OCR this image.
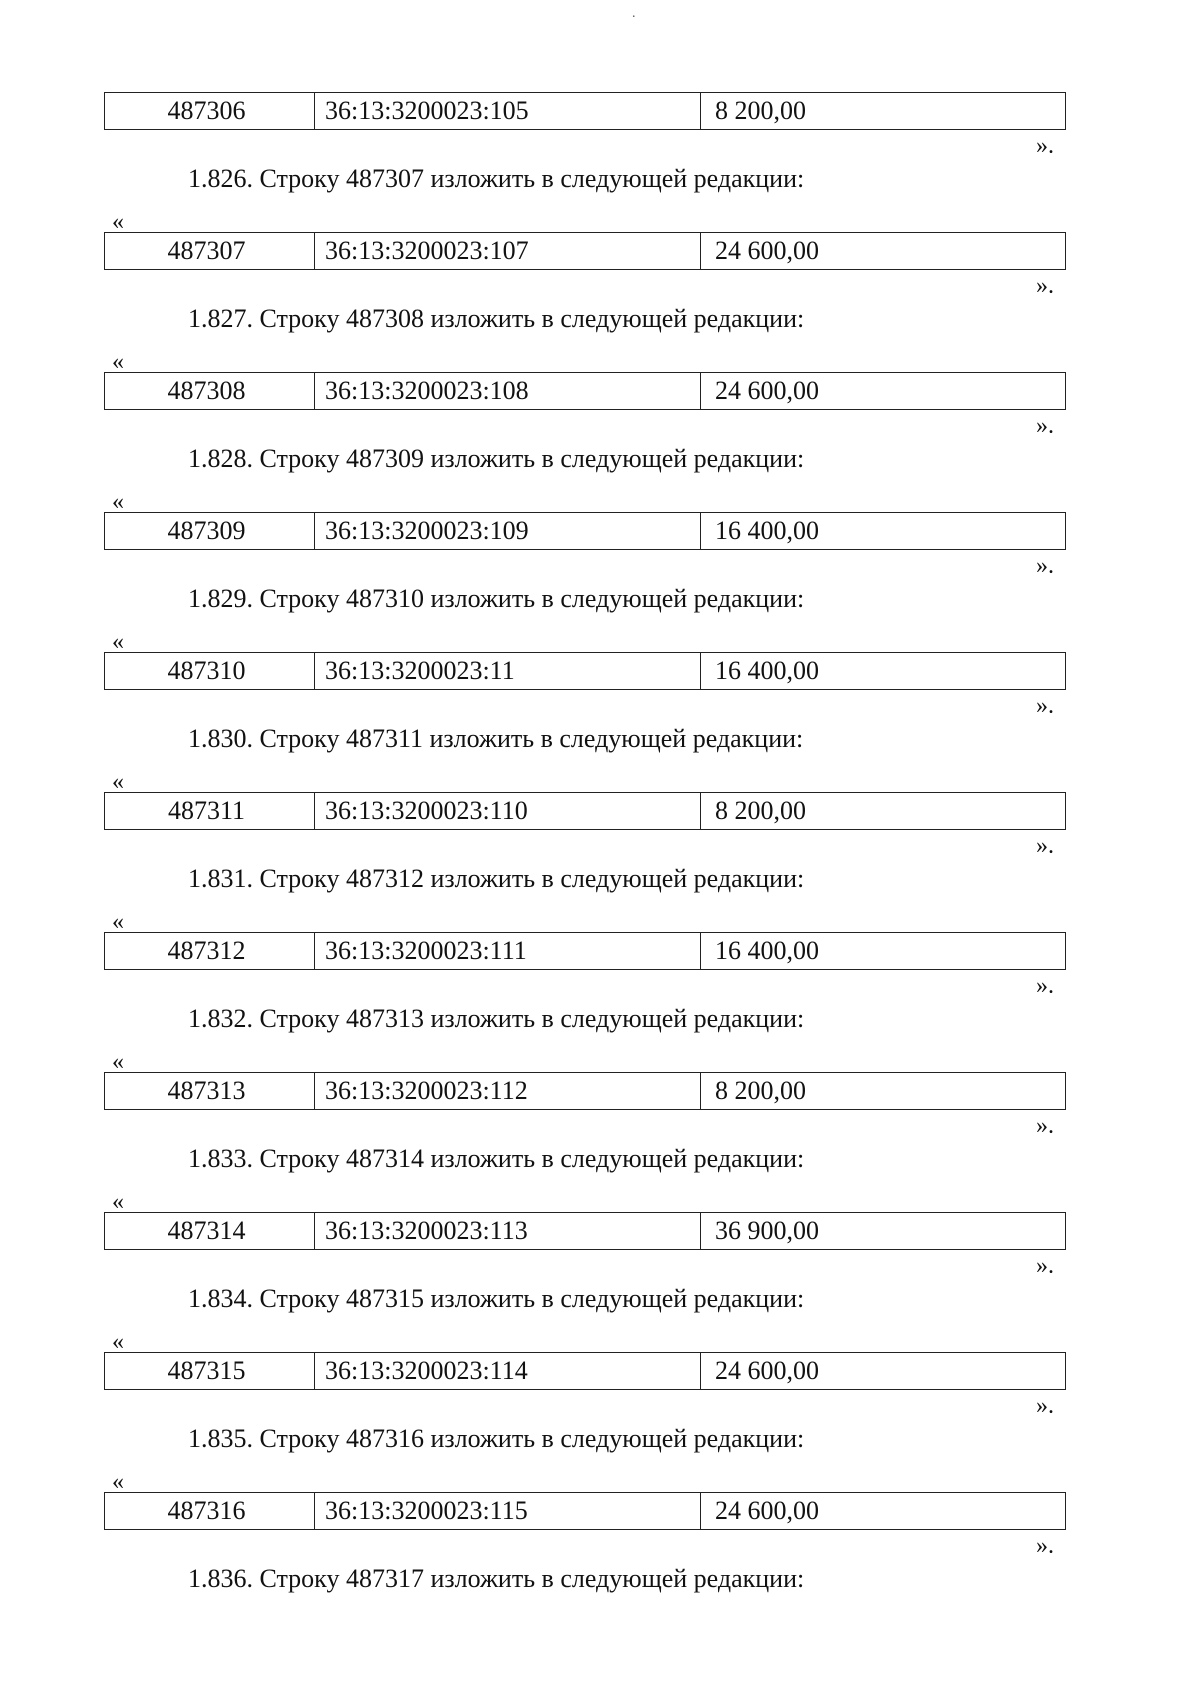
.
487306	36:13:3200023:105	8 200,00
».
1.826. Строку 487307 изложить в следующей редакции:
«
487307	36:13:3200023:107	24 600,00
».
1.827. Строку 487308 изложить в следующей редакции:
«
487308	36:13:3200023:108	24 600,00
».
1.828. Строку 487309 изложить в следующей редакции:
«
487309	36:13:3200023:109	16 400,00
».
1.829. Строку 487310 изложить в следующей редакции:
«
487310	36:13:3200023:11	16 400,00
».
1.830. Строку 487311 изложить в следующей редакции:
«
487311	36:13:3200023:110	8 200,00
».
1.831. Строку 487312 изложить в следующей редакции:
«
487312	36:13:3200023:111	16 400,00
».
1.832. Строку 487313 изложить в следующей редакции:
«
487313	36:13:3200023:112	8 200,00
».
1.833. Строку 487314 изложить в следующей редакции:
«
487314	36:13:3200023:113	36 900,00
».
1.834. Строку 487315 изложить в следующей редакции:
«
487315	36:13:3200023:114	24 600,00
».
1.835. Строку 487316 изложить в следующей редакции:
«
487316	36:13:3200023:115	24 600,00
».
1.836. Строку 487317 изложить в следующей редакции:
